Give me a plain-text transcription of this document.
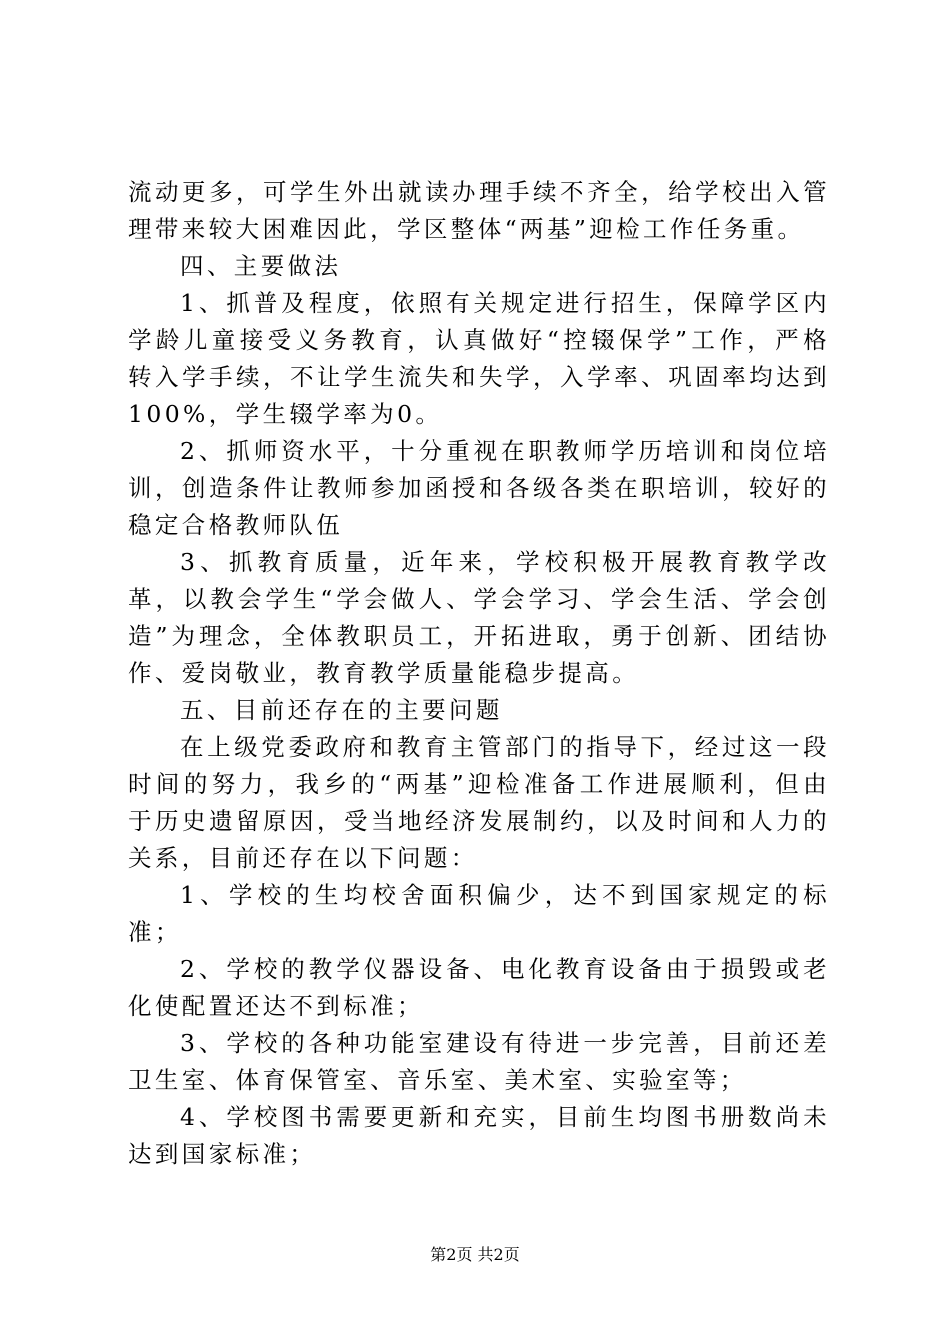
流动更多，可学生外出就读办理手续不齐全，给学校出入管理带来较大困难因此，学区整体“两基”迎检工作任务重。

四、主要做法

1、抓普及程度，依照有关规定进行招生，保障学区内学龄儿童接受义务教育，认真做好“控辍保学”工作，严格转入学手续，不让学生流失和失学，入学率、巩固率均达到100%，学生辍学率为0。

2、抓师资水平，十分重视在职教师学历培训和岗位培训，创造条件让教师参加函授和各级各类在职培训，较好的稳定合格教师队伍

3、抓教育质量，近年来，学校积极开展教育教学改革，以教会学生“学会做人、学会学习、学会生活、学会创造”为理念，全体教职员工，开拓进取，勇于创新、团结协作、爱岗敬业，教育教学质量能稳步提高。

五、目前还存在的主要问题

在上级党委政府和教育主管部门的指导下，经过这一段时间的努力，我乡的“两基”迎检准备工作进展顺利，但由于历史遗留原因，受当地经济发展制约，以及时间和人力的关系，目前还存在以下问题：

1、学校的生均校舍面积偏少，达不到国家规定的标准；

2、学校的教学仪器设备、电化教育设备由于损毁或老化使配置还达不到标准；

3、学校的各种功能室建设有待进一步完善，目前还差卫生室、体育保管室、音乐室、美术室、实验室等；

4、学校图书需要更新和充实，目前生均图书册数尚未达到国家标准；

第2页 共2页
